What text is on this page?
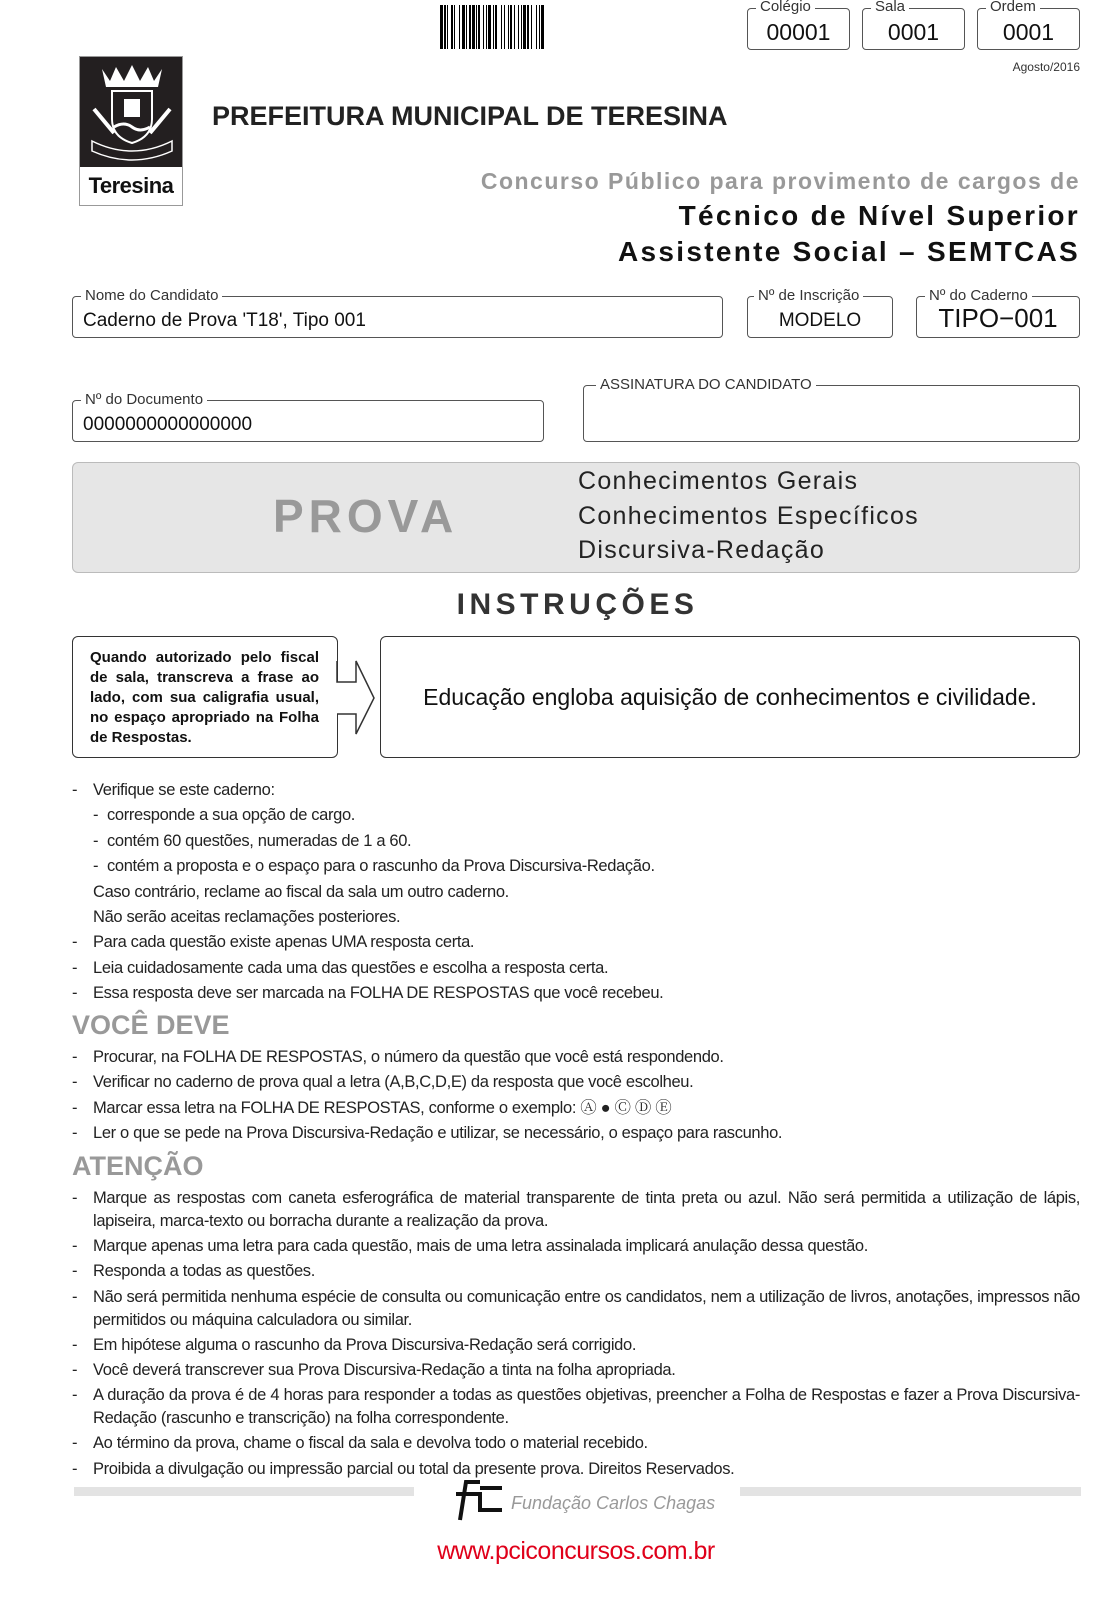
Colégio
00001
Sala
0001
Ordem
0001
Agosto/2016
Teresina
PREFEITURA MUNICIPAL DE TERESINA
Concurso Público para provimento de cargos de
Técnico de Nível Superior
Assistente Social – SEMTCAS
Nome do Candidato
Caderno de Prova 'T18', Tipo 001
Nº de Inscrição
MODELO
Nº do Caderno
TIPO−001
Nº do Documento
0000000000000000
ASSINATURA DO CANDIDATO
PROVA
Conhecimentos Gerais
Conhecimentos Específicos
Discursiva-Redação
INSTRUÇÕES
Quando autorizado pelo fiscal de sala, transcreva a frase ao lado, com sua caligrafia usual, no espaço apropriado na Folha de Respostas.
Educação engloba aquisição de conhecimentos e civilidade.
- Verifique se este caderno:
- corresponde a sua opção de cargo.
- contém 60 questões, numeradas de 1 a 60.
- contém a proposta e o espaço para o rascunho da Prova Discursiva-Redação.
Caso contrário, reclame ao fiscal da sala um outro caderno.
Não serão aceitas reclamações posteriores.
- Para cada questão existe apenas UMA resposta certa.
- Leia cuidadosamente cada uma das questões e escolha a resposta certa.
- Essa resposta deve ser marcada na FOLHA DE RESPOSTAS que você recebeu.
VOCÊ DEVE
- Procurar, na FOLHA DE RESPOSTAS, o número da questão que você está respondendo.
- Verificar no caderno de prova qual a letra (A,B,C,D,E) da resposta que você escolheu.
- Marcar essa letra na FOLHA DE RESPOSTAS, conforme o exemplo: Ⓐ ● Ⓒ Ⓓ Ⓔ
- Ler o que se pede na Prova Discursiva-Redação e utilizar, se necessário, o espaço para rascunho.
ATENÇÃO
- Marque as respostas com caneta esferográfica de material transparente de tinta preta ou azul. Não será permitida a utilização de lápis, lapiseira, marca-texto ou borracha durante a realização da prova.
- Marque apenas uma letra para cada questão, mais de uma letra assinalada implicará anulação dessa questão.
- Responda a todas as questões.
- Não será permitida nenhuma espécie de consulta ou comunicação entre os candidatos, nem a utilização de livros, anotações, impressos não permitidos ou máquina calculadora ou similar.
- Em hipótese alguma o rascunho da Prova Discursiva-Redação será corrigido.
- Você deverá transcrever sua Prova Discursiva-Redação a tinta na folha apropriada.
- A duração da prova é de 4 horas para responder a todas as questões objetivas, preencher a Folha de Respostas e fazer a Prova Discursiva-Redação (rascunho e transcrição) na folha correspondente.
- Ao término da prova, chame o fiscal da sala e devolva todo o material recebido.
- Proibida a divulgação ou impressão parcial ou total da presente prova. Direitos Reservados.
Fundação Carlos Chagas
www.pciconcursos.com.br
